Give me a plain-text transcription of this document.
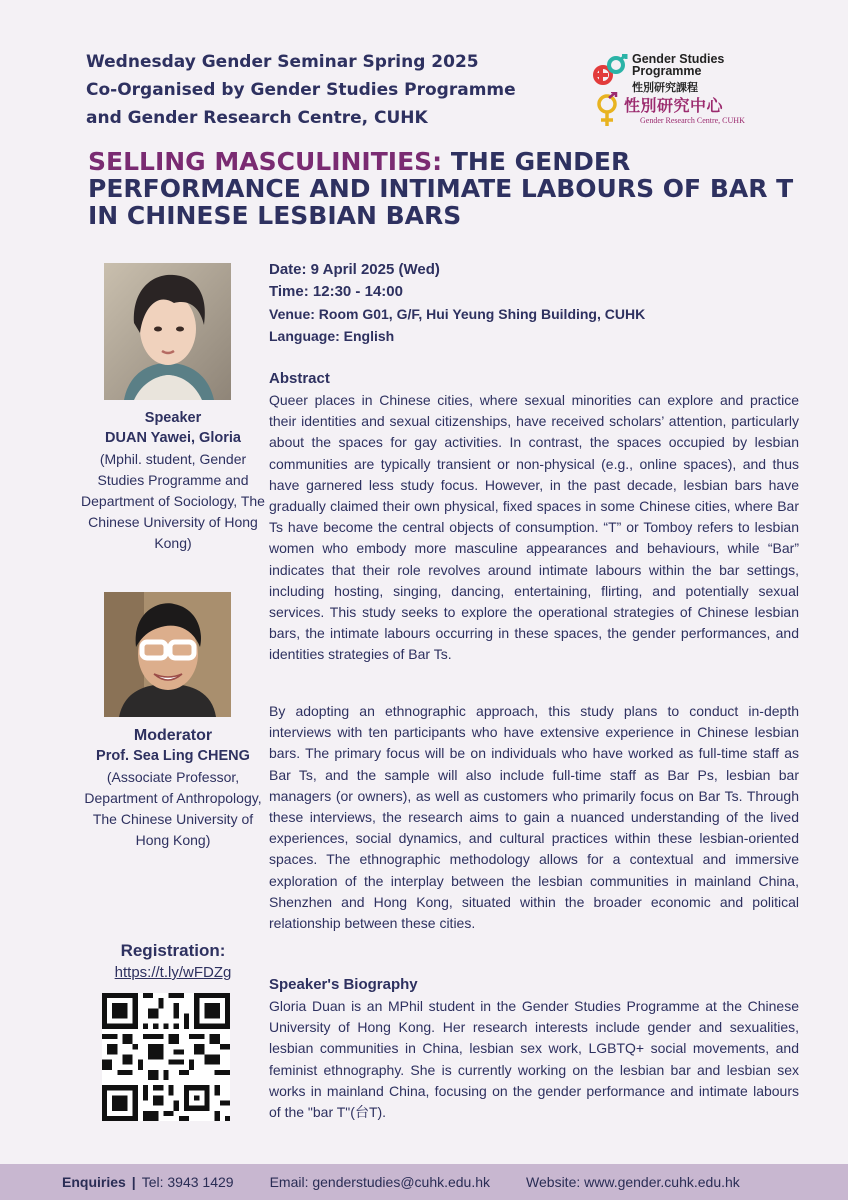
Wednesday Gender Seminar Spring 2025
Co-Organised by Gender Studies Programme
and Gender Research Centre, CUHK
Gender Studies
Programme
性別研究課程
性別研究中心
Gender Research Centre, CUHK
SELLING MASCULINITIES: THE GENDER PERFORMANCE AND INTIMATE LABOURS OF BAR T IN CHINESE LESBIAN BARS
Speaker
DUAN Yawei, Gloria
(Mphil. student, Gender Studies Programme and Department of Sociology, The Chinese University of Hong Kong)
Moderator
Prof. Sea Ling CHENG
(Associate Professor, Department of Anthropology, The Chinese University of Hong Kong)
Registration:
https://t.ly/wFDZg
Date: 9 April 2025 (Wed)
Time: 12:30 - 14:00
Venue: Room G01, G/F, Hui Yeung Shing Building, CUHK
Language: English
Abstract
Queer places in Chinese cities, where sexual minorities can explore and practice their identities and sexual citizenships, have received scholars’ attention, particularly about the spaces for gay activities. In contrast, the spaces occupied by lesbian communities are typically transient or non-physical (e.g., online spaces), and thus have garnered less study focus. However, in the past decade, lesbian bars have gradually claimed their own physical, fixed spaces in some Chinese cities, where Bar Ts have become the central objects of consumption. “T” or Tomboy refers to lesbian women who embody more masculine appearances and behaviours, while “Bar” indicates that their role revolves around intimate labours within the bar settings, including hosting, singing, dancing, entertaining, flirting, and potentially sexual services. This study seeks to explore the operational strategies of Chinese lesbian bars, the intimate labours occurring in these spaces, the gender performances, and identities strategies of Bar Ts.
By adopting an ethnographic approach, this study plans to conduct in-depth interviews with ten participants who have extensive experience in Chinese lesbian bars. The primary focus will be on individuals who have worked as full-time staff as Bar Ts, and the sample will also include full-time staff as Bar Ps, lesbian bar managers (or owners), as well as customers who primarily focus on Bar Ts. Through these interviews, the research aims to gain a nuanced understanding of the lived experiences, social dynamics, and cultural practices within these lesbian-oriented spaces. The ethnographic methodology allows for a contextual and immersive exploration of the interplay between the lesbian communities in mainland China, Shenzhen and Hong Kong, situated within the broader economic and political relationship between these cities.
Speaker's Biography
Gloria Duan is an MPhil student in the Gender Studies Programme at the Chinese University of Hong Kong. Her research interests include gender and sexualities, lesbian communities in China, lesbian sex work, LGBTQ+ social movements, and feminist ethnography. She is currently working on the lesbian bar and lesbian sex works in mainland China, focusing on the gender performance and intimate labours of the "bar T"(台T).
Enquiries | Tel: 3943 1429	Email: genderstudies@cuhk.edu.hk	Website: www.gender.cuhk.edu.hk
